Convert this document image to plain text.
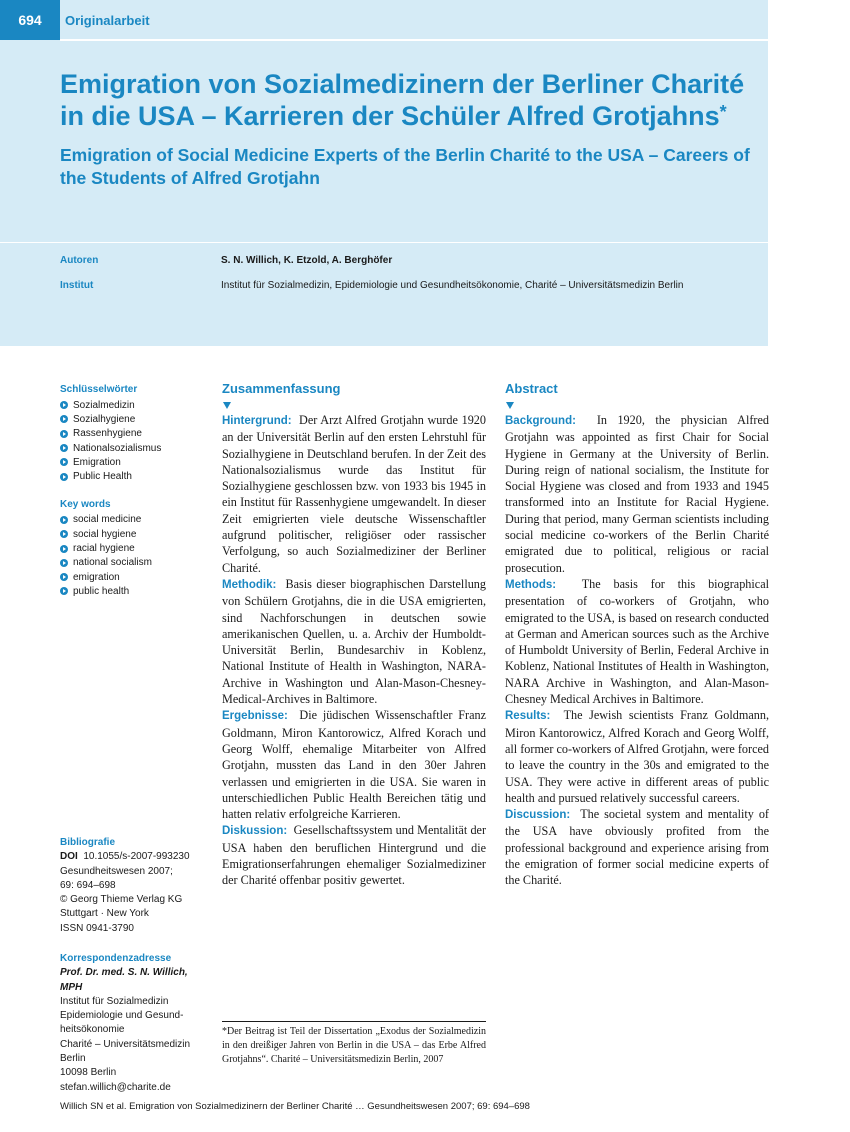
694	Originalarbeit
Emigration von Sozialmedizinern der Berliner Charité in die USA – Karrieren der Schüler Alfred Grotjahns*
Emigration of Social Medicine Experts of the Berlin Charité to the USA – Careers of the Students of Alfred Grotjahn
Autoren	S. N. Willich, K. Etzold, A. Berghöfer
Institut	Institut für Sozialmedizin, Epidemiologie und Gesundheitsökonomie, Charité – Universitätsmedizin Berlin
Schlüsselwörter
Sozialmedizin
Sozialhygiene
Rassenhygiene
Nationalsozialismus
Emigration
Public Health
Key words
social medicine
social hygiene
racial hygiene
national socialism
emigration
public health
Bibliografie
DOI 10.1055/s-2007-993230
Gesundheitswesen 2007;
69: 694–698
© Georg Thieme Verlag KG
Stuttgart · New York
ISSN 0941-3790
Korrespondenzadresse
Prof. Dr. med. S. N. Willich, MPH
Institut für Sozialmedizin
Epidemiologie und Gesund-
heitsökonomie
Charité – Universitätsmedizin
Berlin
10098 Berlin
stefan.willich@charite.de
Zusammenfassung

Hintergrund: Der Arzt Alfred Grotjahn wurde 1920 an der Universität Berlin auf den ersten Lehrstuhl für Sozialhygiene in Deutschland berufen. In der Zeit des Nationalsozialismus wurde das Institut für Sozialhygiene geschlossen bzw. von 1933 bis 1945 in ein Institut für Rassenhygiene umgewandelt. In dieser Zeit emigrierten viele deutsche Wissenschaftler aufgrund politischer, religiöser oder rassischer Verfolgung, so auch Sozialmediziner der Berliner Charité.

Methodik: Basis dieser biographischen Darstellung von Schülern Grotjahns, die in die USA emigrierten, sind Nachforschungen in deutschen sowie amerikanischen Quellen, u. a. Archiv der Humboldt-Universität Berlin, Bundesarchiv in Koblenz, National Institute of Health in Washington, NARA-Archive in Washington und Alan-Mason-Chesney-Medical-Archives in Baltimore.

Ergebnisse: Die jüdischen Wissenschaftler Franz Goldmann, Miron Kantorowicz, Alfred Korach und Georg Wolff, ehemalige Mitarbeiter von Alfred Grotjahn, mussten das Land in den 30er Jahren verlassen und emigrierten in die USA. Sie waren in unterschiedlichen Public Health Bereichen tätig und hatten relativ erfolgreiche Karrieren.

Diskussion: Gesellschaftssystem und Mentalität der USA haben den beruflichen Hintergrund und die Emigrationserfahrungen ehemaliger Sozialmediziner der Charité offenbar positiv gewertet.

Abstract

Background: In 1920, the physician Alfred Grotjahn was appointed as first Chair for Social Hygiene in Germany at the University of Berlin. During reign of national socialism, the Institute for Social Hygiene was closed and from 1933 and 1945 transformed into an Institute for Racial Hygiene. During that period, many German scientists including social medicine co-workers of the Berlin Charité emigrated due to political, religious or racial prosecution.

Methods: The basis for this biographical presentation of co-workers of Grotjahn, who emigrated to the USA, is based on research conducted at German and American sources such as the Archive of Humboldt University of Berlin, Federal Archive in Koblenz, National Institutes of Health in Washington, NARA Archive in Washington, and Alan-Mason-Chesney Medical Archives in Baltimore.

Results: The Jewish scientists Franz Goldmann, Miron Kantorowicz, Alfred Korach and Georg Wolff, all former co-workers of Alfred Grotjahn, were forced to leave the country in the 30s and emigrated to the USA. They were active in different areas of public health and pursued relatively successful careers.

Discussion: The societal system and mentality of the USA have obviously profited from the professional background and experience arising from the emigration of former social medicine experts of the Charité.

*Der Beitrag ist Teil der Dissertation „Exodus der Sozialmedizin in den dreißiger Jahren von Berlin in die USA – das Erbe Alfred Grotjahns“. Charité – Universitätsmedizin Berlin, 2007

Willich SN et al. Emigration von Sozialmedizinern der Berliner Charité … Gesundheitswesen 2007; 69: 694–698
